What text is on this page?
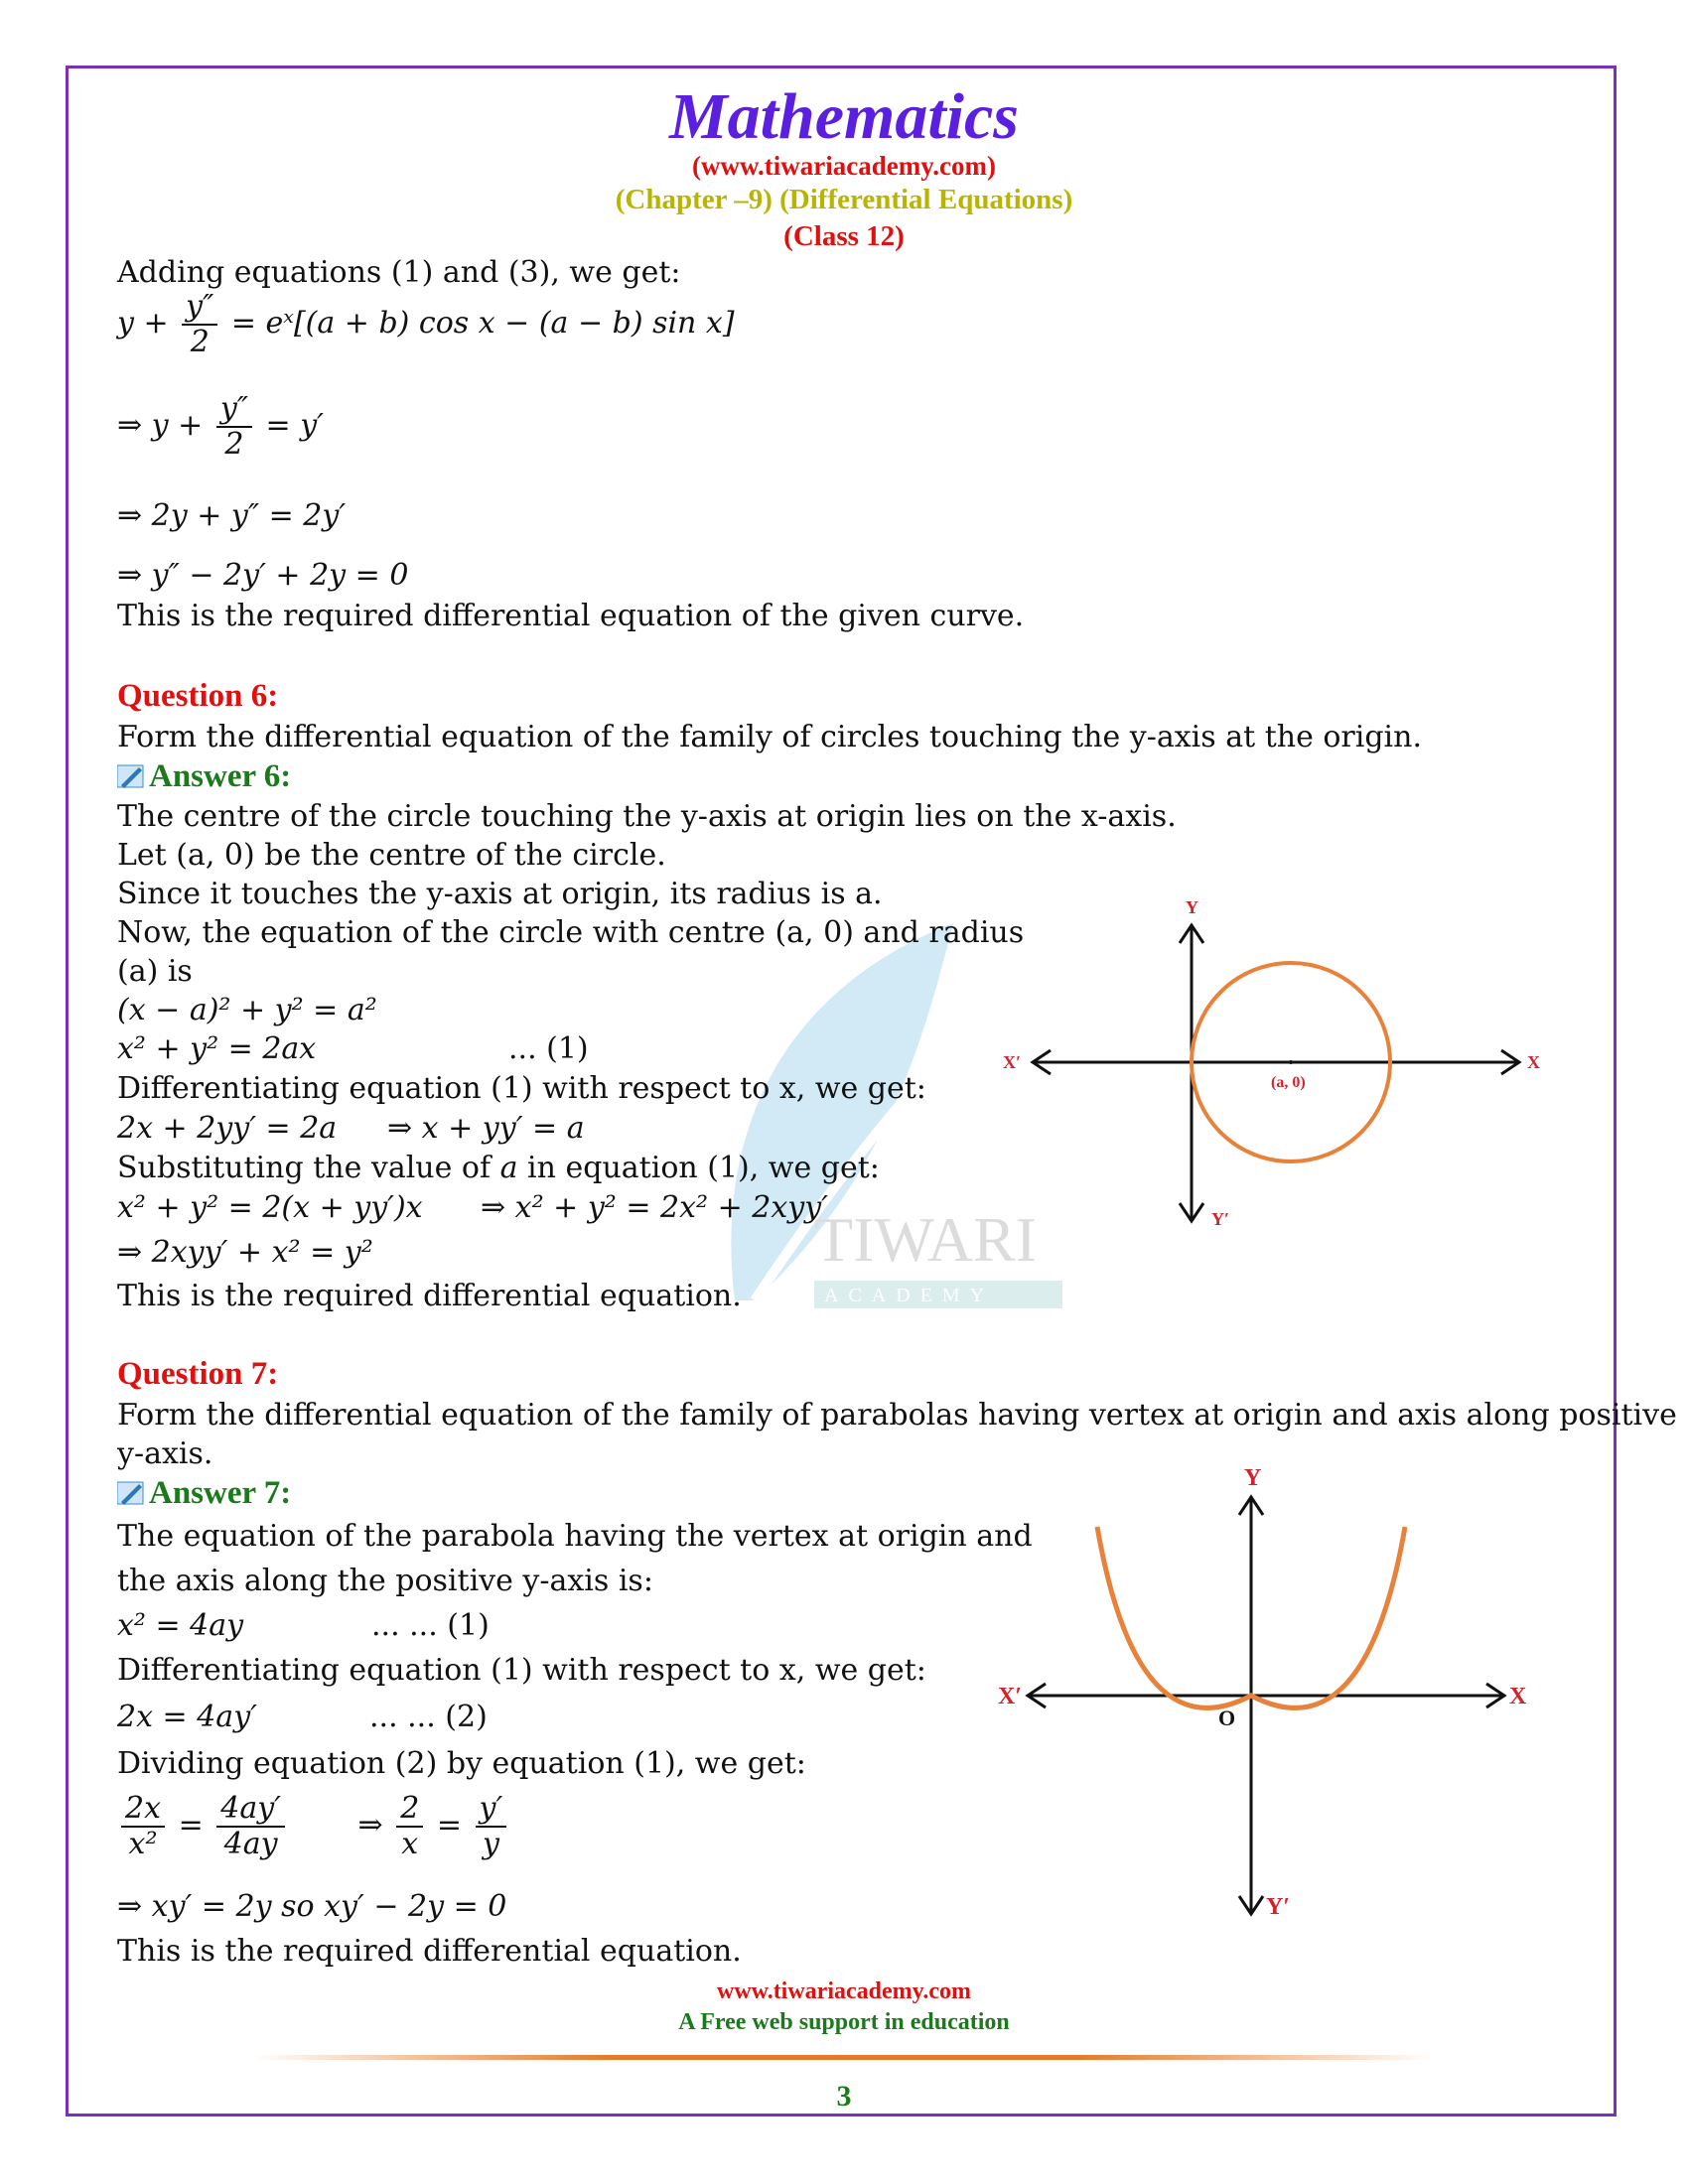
TIWARI
ACADEMY
Mathematics
(www.tiwariacademy.com)
(Chapter –9) (Differential Equations)
(Class 12)
Adding equations (1) and (3), we get:
$y + \frac{y''}{2}$ = eˣ[(a + b) cos x − (a − b) sin x]
⇒ $y + \frac{y''}{2} = y'$
⇒ 2y + y″ = 2y′
⇒ y″ − 2y′ + 2y = 0
This is the required differential equation of the given curve.
Question 6:
Form the differential equation of the family of circles touching the y-axis at the origin.
Answer 6:
The centre of the circle touching the y-axis at origin lies on the x-axis.
Let (a, 0) be the centre of the circle.
Since it touches the y-axis at origin, its radius is a.
Now, the equation of the circle with centre (a, 0) and radius
(a) is
(x − a)² + y² = a²
x² + y² = 2ax	... (1)
Differentiating equation (1) with respect to x, we get:
2x + 2yy′ = 2a ⇒ x + yy′ = a
Substituting the value of a in equation (1), we get:
x² + y² = 2(x + yy′)x ⇒ x² + y² = 2x² + 2xyy′
⇒ 2xyy′ + x² = y²
This is the required differential equation.
Y
X
X′
Y′
(a, 0)
Question 7:
Form the differential equation of the family of parabolas having vertex at origin and axis along positive
y-axis.
Answer 7:
The equation of the parabola having the vertex at origin and
the axis along the positive y-axis is:
x² = 4ay	... ... (1)
Differentiating equation (1) with respect to x, we get:
2x = 4ay′	... ... (2)
Dividing equation (2) by equation (1), we get:
$\frac{2x}{\text{x²}} = \frac{4ay'}{4ay}$ ⇒ $\frac{2}{x} = \frac{y'}{y}$
⇒ xy′ = 2y so xy′ − 2y = 0
This is the required differential equation.
Y
X
X′
Y′
O
www.tiwariacademy.com
A Free web support in education
3
